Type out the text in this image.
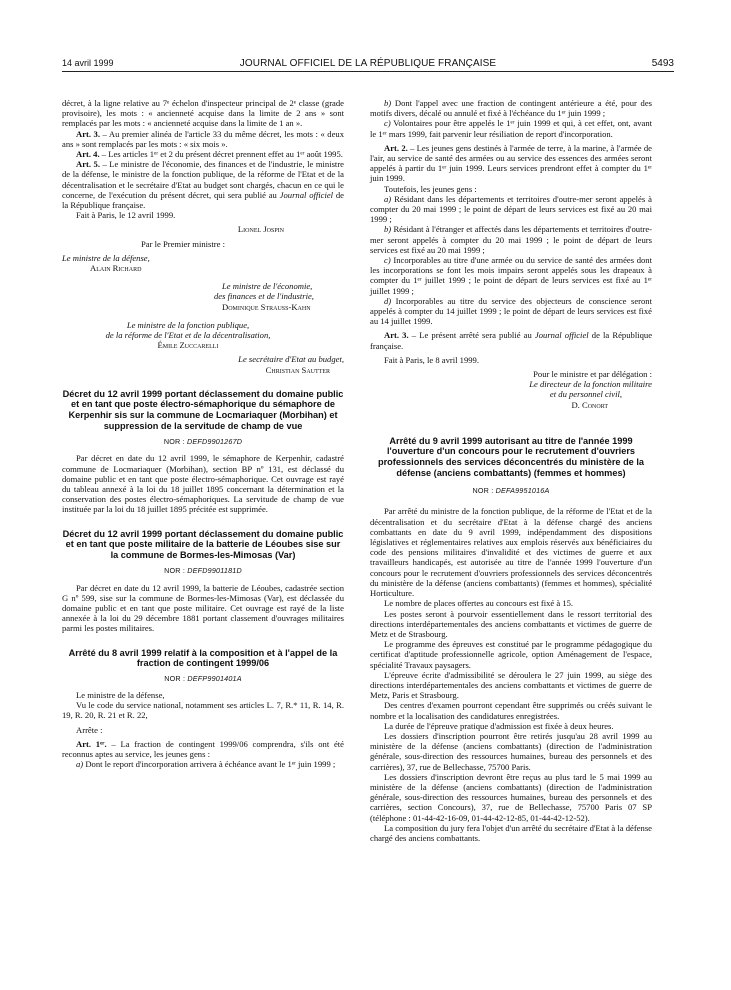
14 avril 1999	JOURNAL OFFICIEL DE LA RÉPUBLIQUE FRANÇAISE	5493

décret, à la ligne relative au 7ᵉ échelon d'inspecteur principal de 2ᵉ classe (grade provisoire), les mots : « ancienneté acquise dans la limite de 2 ans » sont remplacés par les mots : « ancienneté acquise dans la limite de 1 an ».

Art. 3. – Au premier alinéa de l'article 33 du même décret, les mots : « deux ans » sont remplacés par les mots : « six mois ».

Art. 4. – Les articles 1ᵉʳ et 2 du présent décret prennent effet au 1ᵉʳ août 1995.

Art. 5. – Le ministre de l'économie, des finances et de l'industrie, le ministre de la défense, le ministre de la fonction publique, de la réforme de l'Etat et de la décentralisation et le secrétaire d'Etat au budget sont chargés, chacun en ce qui le concerne, de l'exécution du présent décret, qui sera publié au Journal officiel de la République française.

Fait à Paris, le 12 avril 1999.

Lionel Jospin

Par le Premier ministre :

Le ministre de la défense,

Alain Richard

Le ministre de l'économie,

des finances et de l'industrie,

Dominique Strauss-Kahn

Le ministre de la fonction publique,

de la réforme de l'Etat et de la décentralisation,

Émile Zuccarelli

Le secrétaire d'Etat au budget,

Christian Sautter

Décret du 12 avril 1999 portant déclassement du domaine public et en tant que poste électro-sémaphorique du sémaphore de Kerpenhir sis sur la commune de Locmariaquer (Morbihan) et suppression de la servitude de champ de vue
NOR : DEFD9901267D

Par décret en date du 12 avril 1999, le sémaphore de Kerpenhir, cadastré commune de Locmariaquer (Morbihan), section BP nº 131, est déclassé du domaine public et en tant que poste électro-sémaphorique. Cet ouvrage est rayé du tableau annexé à la loi du 18 juillet 1895 concernant la détermination et la conservation des postes électro-sémaphoriques. La servitude de champ de vue instituée par la loi du 18 juillet 1895 précitée est supprimée.

Décret du 12 avril 1999 portant déclassement du domaine public et en tant que poste militaire de la batterie de Léoubes sise sur la commune de Bormes-les-Mimosas (Var)
NOR : DEFD9901181D

Par décret en date du 12 avril 1999, la batterie de Léoubes, cadastrée section G nº 599, sise sur la commune de Bormes-les-Mimosas (Var), est déclassée du domaine public et en tant que poste militaire. Cet ouvrage est rayé de la liste annexée à la loi du 29 décembre 1881 portant classement d'ouvrages militaires parmi les postes militaires.

Arrêté du 8 avril 1999 relatif à la composition et à l'appel de la fraction de contingent 1999/06
NOR : DEFP9901401A

Le ministre de la défense,

Vu le code du service national, notamment ses articles L. 7, R.* 11, R. 14, R. 19, R. 20, R. 21 et R. 22,

Arrête :

Art. 1ᵉʳ. – La fraction de contingent 1999/06 comprendra, s'ils ont été reconnus aptes au service, les jeunes gens :

a) Dont le report d'incorporation arrivera à échéance avant le 1ᵉʳ juin 1999 ;

b) Dont l'appel avec une fraction de contingent antérieure a été, pour des motifs divers, décalé ou annulé et fixé à l'échéance du 1ᵉʳ juin 1999 ;

c) Volontaires pour être appelés le 1ᵉʳ juin 1999 et qui, à cet effet, ont, avant le 1ᵉʳ mars 1999, fait parvenir leur résiliation de report d'incorporation.

Art. 2. – Les jeunes gens destinés à l'armée de terre, à la marine, à l'armée de l'air, au service de santé des armées ou au service des essences des armées seront appelés à partir du 1ᵉʳ juin 1999. Leurs services prendront effet à compter du 1ᵉʳ juin 1999.

Toutefois, les jeunes gens :

a) Résidant dans les départements et territoires d'outre-mer seront appelés à compter du 20 mai 1999 ; le point de départ de leurs services est fixé au 20 mai 1999 ;

b) Résidant à l'étranger et affectés dans les départements et territoires d'outre-mer seront appelés à compter du 20 mai 1999 ; le point de départ de leurs services est fixé au 20 mai 1999 ;

c) Incorporables au titre d'une armée ou du service de santé des armées dont les incorporations se font les mois impairs seront appelés sous les drapeaux à compter du 1ᵉʳ juillet 1999 ; le point de départ de leurs services est fixé au 1ᵉʳ juillet 1999 ;

d) Incorporables au titre du service des objecteurs de conscience seront appelés à compter du 14 juillet 1999 ; le point de départ de leurs services est fixé au 14 juillet 1999.

Art. 3. – Le présent arrêté sera publié au Journal officiel de la République française.

Fait à Paris, le 8 avril 1999.

Pour le ministre et par délégation :

Le directeur de la fonction militaire

et du personnel civil,

D. Conort

Arrêté du 9 avril 1999 autorisant au titre de l'année 1999 l'ouverture d'un concours pour le recrutement d'ouvriers professionnels des services déconcentrés du ministère de la défense (anciens combattants) (femmes et hommes)
NOR : DEFA9951016A

Par arrêté du ministre de la fonction publique, de la réforme de l'Etat et de la décentralisation et du secrétaire d'Etat à la défense chargé des anciens combattants en date du 9 avril 1999, indépendamment des dispositions législatives et réglementaires relatives aux emplois réservés aux bénéficiaires du code des pensions militaires d'invalidité et des victimes de guerre et aux travailleurs handicapés, est autorisée au titre de l'année 1999 l'ouverture d'un concours pour le recrutement d'ouvriers professionnels des services déconcentrés du ministère de la défense (anciens combattants) (femmes et hommes), spécialité Horticulture.

Le nombre de places offertes au concours est fixé à 15.

Les postes seront à pourvoir essentiellement dans le ressort territorial des directions interdépartementales des anciens combattants et victimes de guerre de Metz et de Strasbourg.

Le programme des épreuves est constitué par le programme pédagogique du certificat d'aptitude professionnelle agricole, option Aménagement de l'espace, spécialité Travaux paysagers.

L'épreuve écrite d'admissibilité se déroulera le 27 juin 1999, au siège des directions interdépartementales des anciens combattants et victimes de guerre de Metz, Paris et Strasbourg.

Des centres d'examen pourront cependant être supprimés ou créés suivant le nombre et la localisation des candidatures enregistrées.

La durée de l'épreuve pratique d'admission est fixée à deux heures.

Les dossiers d'inscription pourront être retirés jusqu'au 28 avril 1999 au ministère de la défense (anciens combattants) (direction de l'administration générale, sous-direction des ressources humaines, bureau des personnels et des carrières), 37, rue de Bellechasse, 75700 Paris.

Les dossiers d'inscription devront être reçus au plus tard le 5 mai 1999 au ministère de la défense (anciens combattants) (direction de l'administration générale, sous-direction des ressources humaines, bureau des personnels et des carrières, section Concours), 37, rue de Bellechasse, 75700 Paris 07 SP (téléphone : 01-44-42-16-09, 01-44-42-12-85, 01-44-42-12-52).

La composition du jury fera l'objet d'un arrêté du secrétaire d'Etat à la défense chargé des anciens combattants.
